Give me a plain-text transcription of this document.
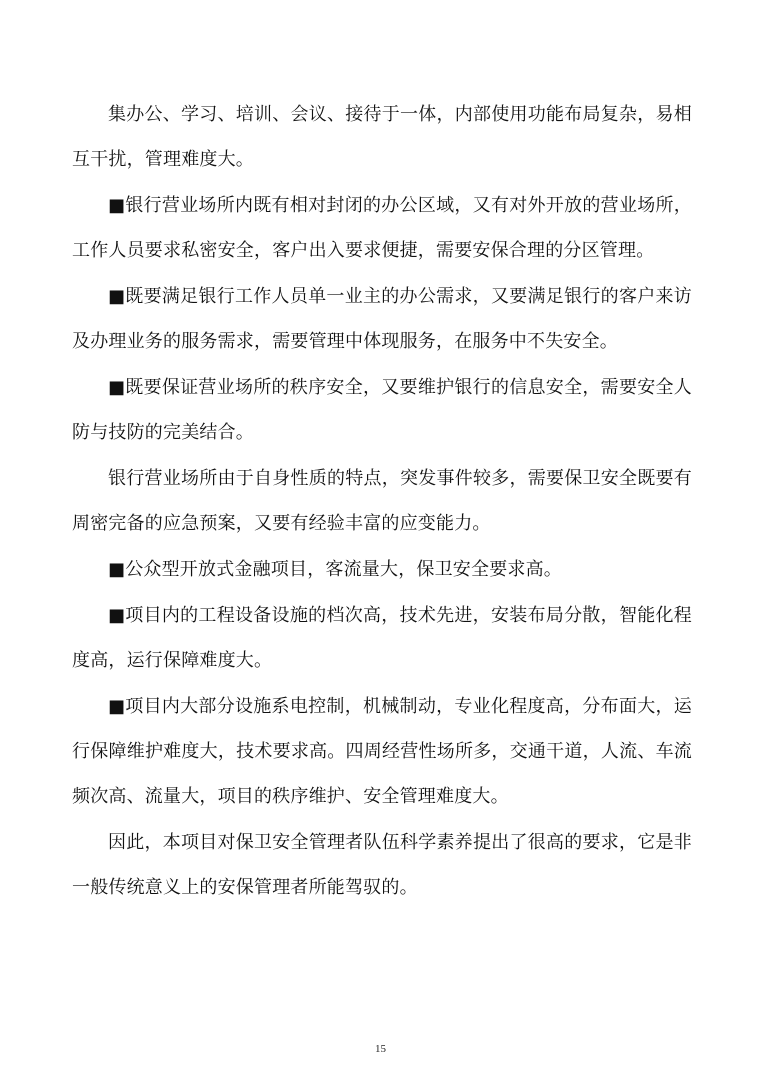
集办公、学习、培训、会议、接待于一体，内部使用功能布局复杂，易相互干扰，管理难度大。

■银行营业场所内既有相对封闭的办公区域，又有对外开放的营业场所，工作人员要求私密安全，客户出入要求便捷，需要安保合理的分区管理。

■既要满足银行工作人员单一业主的办公需求，又要满足银行的客户来访及办理业务的服务需求，需要管理中体现服务，在服务中不失安全。

■既要保证营业场所的秩序安全，又要维护银行的信息安全，需要安全人防与技防的完美结合。

银行营业场所由于自身性质的特点，突发事件较多，需要保卫安全既要有周密完备的应急预案，又要有经验丰富的应变能力。

■公众型开放式金融项目，客流量大，保卫安全要求高。

■项目内的工程设备设施的档次高，技术先进，安装布局分散，智能化程度高，运行保障难度大。

■项目内大部分设施系电控制，机械制动，专业化程度高，分布面大，运行保障维护难度大，技术要求高。四周经营性场所多，交通干道，人流、车流频次高、流量大，项目的秩序维护、安全管理难度大。

因此，本项目对保卫安全管理者队伍科学素养提出了很高的要求，它是非一般传统意义上的安保管理者所能驾驭的。

15
